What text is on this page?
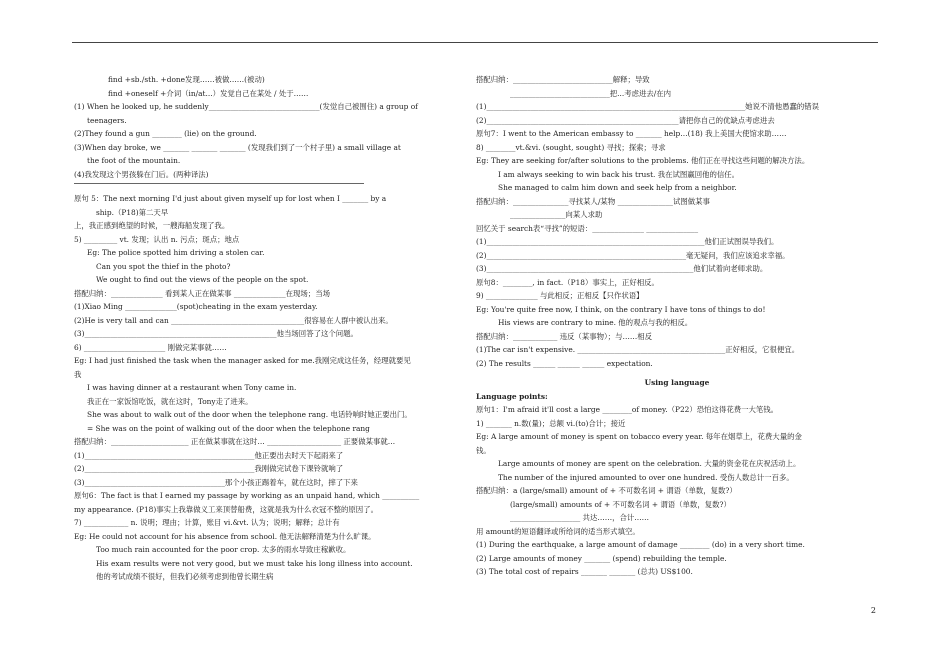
find +sb./sth. +done发现……被做……(被动)
find +oneself +介词（in/at...）发觉自己在某处 / 处于……
(1) When he looked up, he suddenly______________________________(发觉自己被围住) a group of
teenagers.
(2)They found a gun ________ (lie) on the ground.
(3)When day broke, we _______ _______ _______ (发现我们到了一个村子里) a small village at
the foot of the mountain.
(4)我发现这个男孩躲在门后。(两种译法)
原句 5：The next morning I'd just about given myself up for lost when I _______ by a
ship.（P18)第二天早
上，我正感到绝望的时候，一艘海船发现了我。
5) _________ vt. 发现；认出 n. 污点；斑点；地点
Eg: The police spotted him driving a stolen car.
Can you spot the thief in the photo?
We ought to find out the views of the people on the spot.
搭配归纳：______________ 看到某人正在做某事 ______________在现场；当场
(1)Xiao Ming ______________(spot)cheating in the exam yesterday.
(2)He is very tall and can ____________________________________很容易在人群中被认出来。
(3)____________________________________________________他当场回答了这个问题。
6) ______________________ 刚做完某事就……
Eg: I had just finished the task when the manager asked for me.我刚完成这任务，经理就要见
我
I was having dinner at a restaurant when Tony came in.
我正在一家饭馆吃饭，就在这时，Tony走了进来。
She was about to walk out of the door when the telephone rang. 电话铃响时她正要出门。
= She was on the point of walking out of the door when the telephone rang
搭配归纳：_____________________ 正在做某事就在这时… ____________________ 正要做某事就…
(1)______________________________________________他正要出去时天下起雨来了
(2)______________________________________________我刚做完试卷下课铃就响了
(3)______________________________________那个小孩正踢着车，就在这时，摔了下来
原句6：The fact is that I earned my passage by working as an unpaid hand, which __________
my appearance. (P18)事实上我靠做义工来顶替船费，这就是我为什么衣冠不整的原因了。
7) ____________ n. 说明；理由；计算，账目 vi.&vt. 认为；说明；解释；总计有
Eg: He could not account for his absence from school. 他无法解释清楚为什么旷课。
Too much rain accounted for the poor crop. 太多的雨水导致庄稼歉收。
His exam results were not very good, but we must take his long illness into account.
他的考试成绩不很好，但我们必须考虑到他曾长期生病
搭配归纳：___________________________解释；导致
___________________________把...考虑进去/在内
(1)______________________________________________________________________她说不清他愚蠢的错误
(2)____________________________________________________请把你自己的优缺点考虑进去
原句7：I went to the American embassy to _______ help…(18) 我上美国大使馆求助……
8) ________vt.&vi. (sought, sought) 寻找；探索；寻求
Eg: They are seeking for/after solutions to the problems. 他们正在寻找这些问题的解决方法。
I am always seeking to win back his trust. 我在试图赢回他的信任。
She managed to calm him down and seek help from a neighbor.
搭配归纳：_______________寻找某人/某物 _______________试图做某事
_______________向某人求助
回忆关于 search表“寻找”的短语：______________ ______________
(1)___________________________________________________________他们正试图误导我们。
(2)______________________________________________________毫无疑问，我们应该追求幸福。
(3)________________________________________________________他们试着向老师求助。
原句8：________, in fact.（P18）事实上，正好相反。
9) ______________ 与此相反；正相反【只作状语】
Eg: You're quite free now, I think, on the contrary I have tons of things to do!
His views are contrary to mine. 他的观点与我的相反。
搭配归纳：____________ 违反（某事物）；与……相反
(1)The car isn't expensive. ________________________________________正好相反，它很便宜。
(2) The results ______ ______ ______ expectation.
Using language
Language points:
原句1：I'm afraid it'll cost a large ________of money.（P22）恐怕这得花费一大笔钱。
1) _______ n.数(量)；总额 vi.(to)合计；接近
Eg: A large amount of money is spent on tobacco every year. 每年在烟草上，花费大量的金
钱。
Large amounts of money are spent on the celebration. 大量的资金花在庆祝活动上。
The number of the injured amounted to over one hundred. 受伤人数总计一百多。
搭配归纳：a (large/small) amount of + 不可数名词 + 谓语（单数，复数?）
(large/small) amounts of + 不可数名词 + 谓语（单数，复数?）
___________________ 共达……，合计……
用 amount的短语翻译或所给词的适当形式填空。
(1) During the earthquake, a large amount of damage ________ (do) in a very short time.
(2) Large amounts of money _______ (spend) rebuilding the temple.
(3) The total cost of repairs _______ _______ (总共) US$100.
2
